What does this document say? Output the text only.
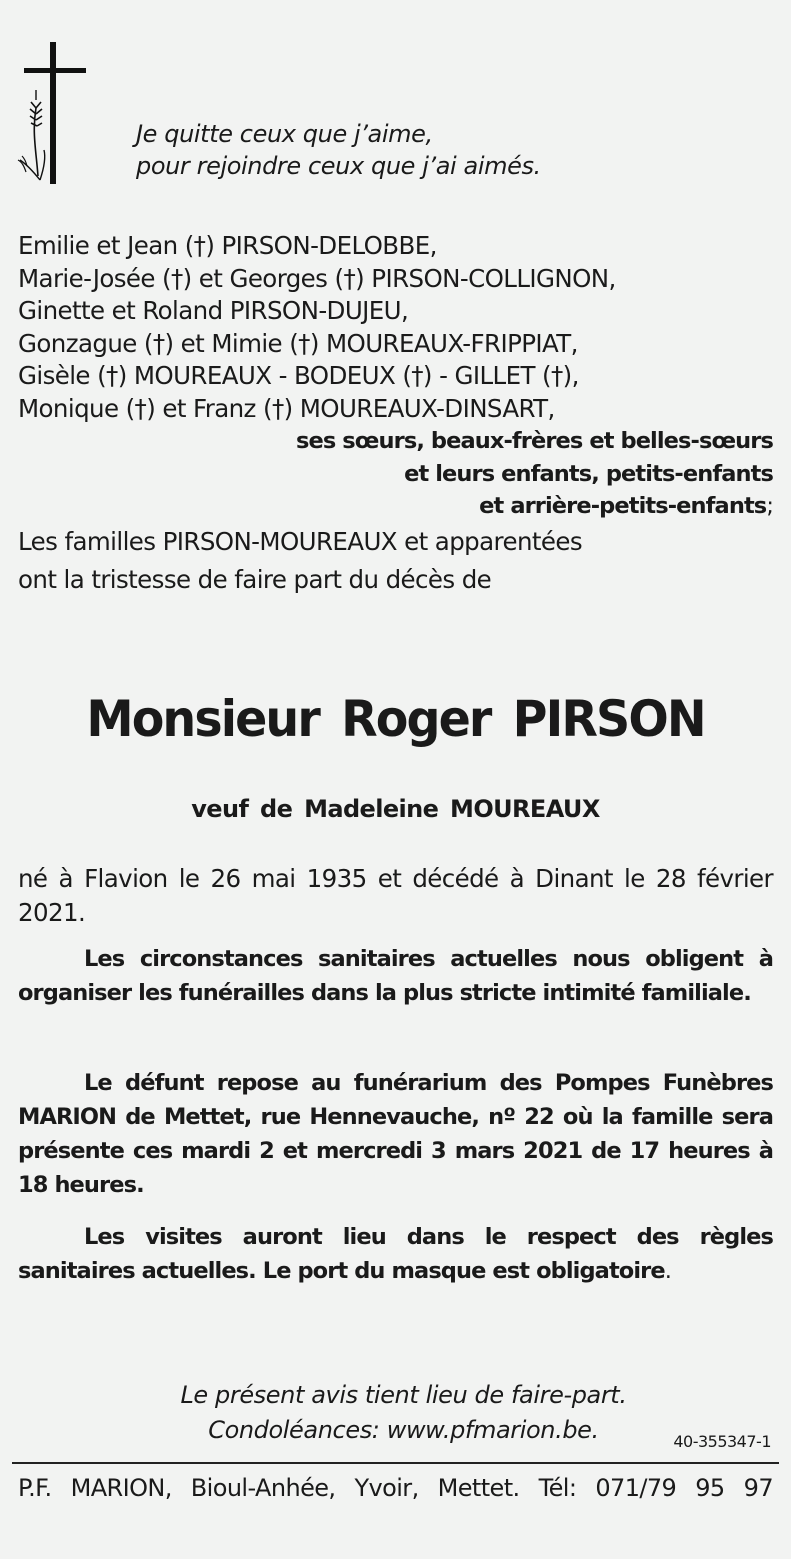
Je quitte ceux que j’aime,
pour rejoindre ceux que j’ai aimés.
Emilie et Jean (†) PIRSON-DELOBBE,
Marie-Josée (†) et Georges (†) PIRSON-COLLIGNON,
Ginette et Roland PIRSON-DUJEU,
Gonzague (†) et Mimie (†) MOUREAUX-FRIPPIAT,
Gisèle (†) MOUREAUX - BODEUX (†) - GILLET (†),
Monique (†) et Franz (†) MOUREAUX-DINSART,
ses sœurs, beaux-frères et belles-sœurs
et leurs enfants, petits-enfants
et arrière-petits-enfants;
Les familles PIRSON-MOUREAUX et apparentées
ont la tristesse de faire part du décès de
Monsieur Roger PIRSON
veuf de Madeleine MOUREAUX
né à Flavion le 26 mai 1935 et décédé à Dinant le 28 février 2021.
Les circonstances sanitaires actuelles nous obligent à organiser les funérailles dans la plus stricte intimité familiale.
Le défunt repose au funérarium des Pompes Funèbres MARION de Mettet, rue Hennevauche, nº 22 où la famille sera présente ces mardi 2 et mercredi 3 mars 2021 de 17 heures à 18 heures.
Les visites auront lieu dans le respect des règles sanitaires actuelles. Le port du masque est obligatoire.
Le présent avis tient lieu de faire-part.
Condoléances: www.pfmarion.be.	40-355347-1
P.F. MARION, Bioul-Anhée, Yvoir, Mettet. Tél: 071/79 95 97
